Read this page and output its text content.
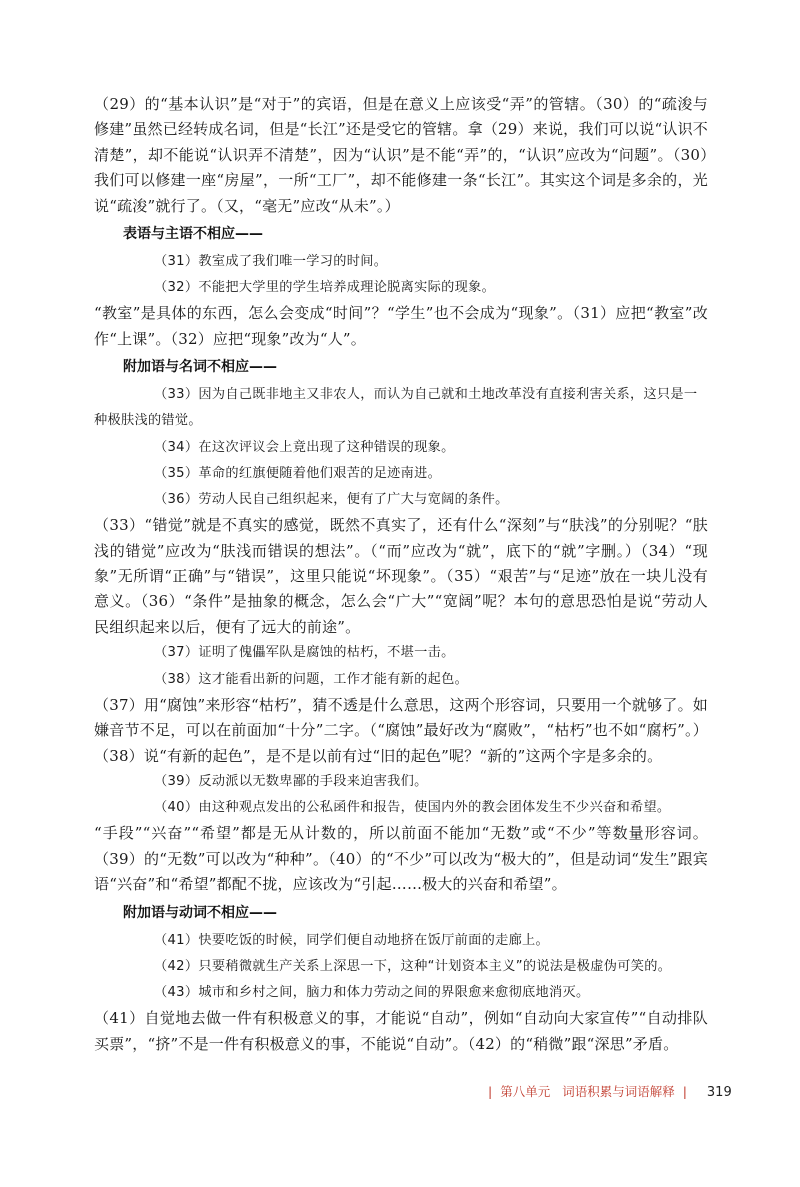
（29）的“基本认识”是“对于”的宾语，但是在意义上应该受“弄”的管辖。（30）的“疏浚与修建”虽然已经转成名词，但是“长江”还是受它的管辖。拿（29）来说，我们可以说“认识不清楚”，却不能说“认识弄不清楚”，因为“认识”是不能“弄”的，“认识”应改为“问题”。（30）我们可以修建一座“房屋”，一所“工厂”，却不能修建一条“长江”。其实这个词是多余的，光说“疏浚”就行了。（又，“毫无”应改“从未”。）

表语与主语不相应——

（31）教室成了我们唯一学习的时间。

（32）不能把大学里的学生培养成理论脱离实际的现象。

“教室”是具体的东西，怎么会变成“时间”？“学生”也不会成为“现象”。（31）应把“教室”改作“上课”。（32）应把“现象”改为“人”。

附加语与名词不相应——

（33）因为自己既非地主又非农人，而认为自己就和土地改革没有直接利害关系，这只是一种极肤浅的错觉。

（34）在这次评议会上竟出现了这种错误的现象。

（35）革命的红旗便随着他们艰苦的足迹南进。

（36）劳动人民自己组织起来，便有了广大与宽阔的条件。

（33）“错觉”就是不真实的感觉，既然不真实了，还有什么“深刻”与“肤浅”的分别呢？“肤浅的错觉”应改为“肤浅而错误的想法”。（“而”应改为“就”，底下的“就”字删。）（34）“现象”无所谓“正确”与“错误”，这里只能说“坏现象”。（35）“艰苦”与“足迹”放在一块儿没有意义。（36）“条件”是抽象的概念，怎么会“广大”“宽阔”呢？本句的意思恐怕是说“劳动人民组织起来以后，便有了远大的前途”。

（37）证明了傀儡军队是腐蚀的枯朽，不堪一击。

（38）这才能看出新的问题，工作才能有新的起色。

（37）用“腐蚀”来形容“枯朽”，猜不透是什么意思，这两个形容词，只要用一个就够了。如嫌音节不足，可以在前面加“十分”二字。（“腐蚀”最好改为“腐败”，“枯朽”也不如“腐朽”。）（38）说“有新的起色”，是不是以前有过“旧的起色”呢？“新的”这两个字是多余的。

（39）反动派以无数卑鄙的手段来迫害我们。

（40）由这种观点发出的公私函件和报告，使国内外的教会团体发生不少兴奋和希望。

“手段”“兴奋”“希望”都是无从计数的，所以前面不能加“无数”或“不少”等数量形容词。（39）的“无数”可以改为“种种”。（40）的“不少”可以改为“极大的”，但是动词“发生”跟宾语“兴奋”和“希望”都配不拢，应该改为“引起……极大的兴奋和希望”。

附加语与动词不相应——

（41）快要吃饭的时候，同学们便自动地挤在饭厅前面的走廊上。

（42）只要稍微就生产关系上深思一下，这种“计划资本主义”的说法是极虚伪可笑的。

（43）城市和乡村之间，脑力和体力劳动之间的界限愈来愈彻底地消灭。

（41）自觉地去做一件有积极意义的事，才能说“自动”，例如“自动向大家宣传”“自动排队买票”，“挤”不是一件有积极意义的事，不能说“自动”。（42）的“稍微”跟“深思”矛盾。

| 第八单元 词语积累与词语解释 | 319
